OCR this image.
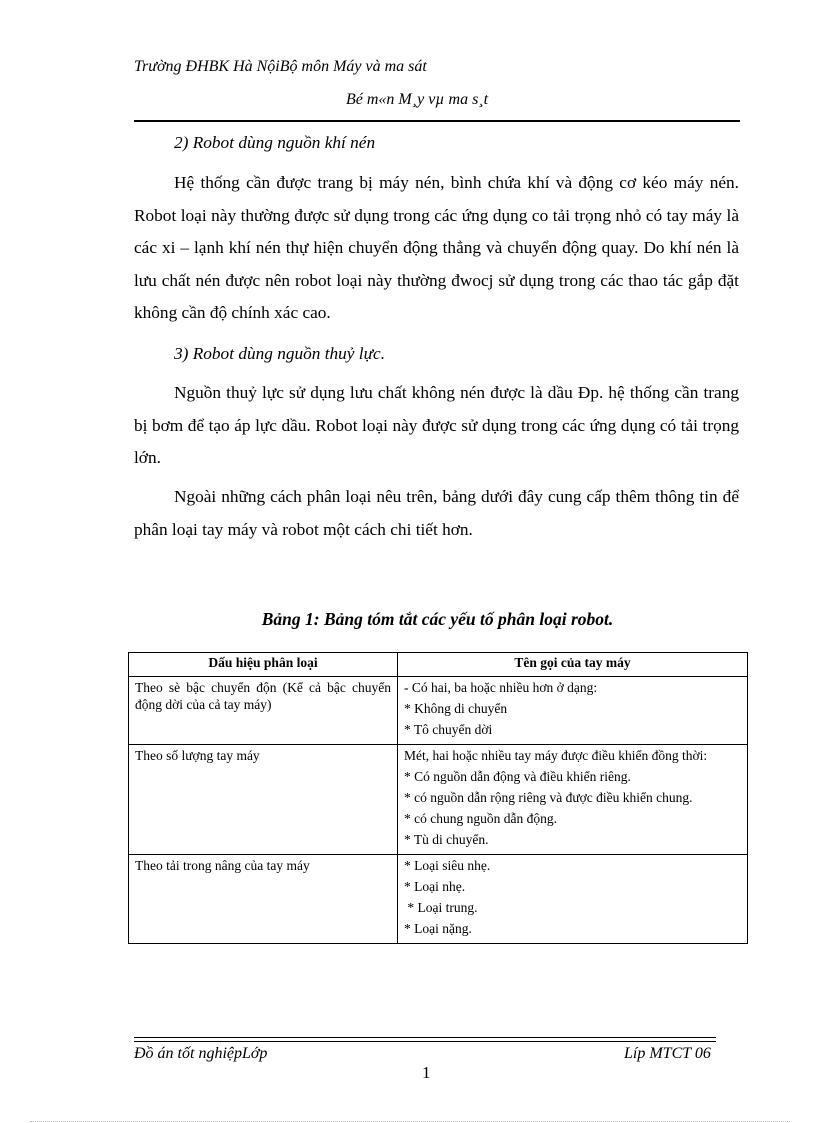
Trường ĐHBK Hà NộiBộ môn Máy và ma sát
Bé m«n M¸y vµ ma s¸t
2) Robot dùng nguồn khí nén

Hệ thống cần được trang bị máy nén, bình chứa khí và động cơ kéo máy nén. Robot loại này thường được sử dụng trong các ứng dụng co tải trọng nhỏ có tay máy là các xi – lạnh khí nén thự hiện chuyển động thẳng và chuyển động quay. Do khí nén là lưu chất nén được nên robot loại này thường đwocj sử dụng trong các thao tác gắp đặt không cần độ chính xác cao.

3) Robot dùng nguồn thuỷ lực.

Nguồn thuỷ lực sử dụng lưu chất không nén được là dầu Đp. hệ thống cần trang bị bơm để tạo áp lực dầu. Robot loại này được sử dụng trong các ứng dụng có tải trọng lớn.

Ngoài những cách phân loại nêu trên, bảng dưới đây cung cấp thêm thông tin để phân loại tay máy và robot một cách chi tiết hơn.

Bảng 1: Bảng tóm tắt các yếu tố phân loại robot.
Dấu hiệu phân loại	Tên gọi của tay máy

Theo sè bậc chuyển độn (Kể cả bậc chuyển động dời của cả tay máy)	- Có hai, ba hoặc nhiều hơn ở dạng:

* Không di chuyển

* Tô chuyển dời

Theo số lượng tay máy	Mét, hai hoặc nhiều tay máy được điều khiển đồng thời:

* Có nguồn dẫn động và điều khiển riêng.

* có nguồn dẫn rộng riêng và được điều khiển chung.

* có chung nguồn dẫn động.

* Tù di chuyển.

Theo tải trong nâng của tay máy	* Loại siêu nhẹ.

* Loại nhẹ.

* Loại trung.

* Loại nặng.

Đồ án tốt nghiệpLớp	Líp MTCT 06
1
